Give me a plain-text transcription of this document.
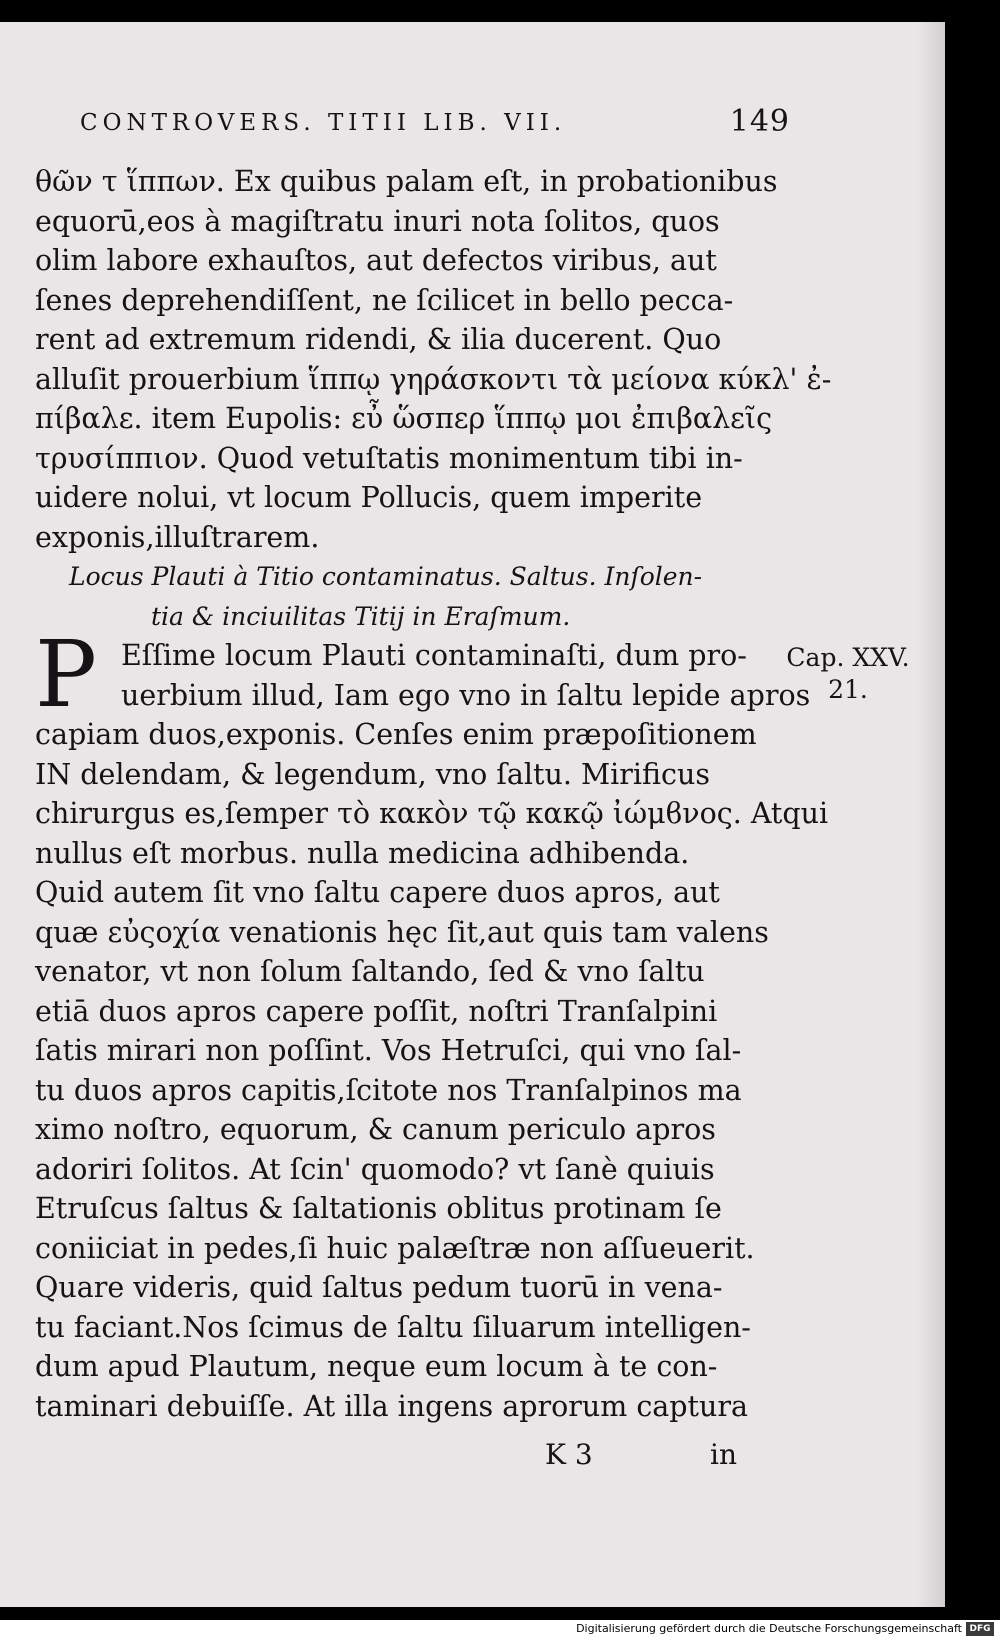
CONTROVERS. TITII LIB. VII.	149
θῶν τ ἵππων. Ex quibus palam eſt, in probationibus
equorū,eos à magiſtratu inuri nota ſolitos, quos
olim labore exhauſtos, aut defectos viribus, aut
ſenes deprehendiſſent, ne ſcilicet in bello pecca-
rent ad extremum ridendi, & ilia ducerent. Quo
alluſit prouerbium ἵππῳ γηράσκοντι τὰ μείονα κύκλ' ἐ-
πίβαλε. item Eupolis: εὖ ὥσπερ ἵππῳ μοι ἐπιβαλεῖς
τρυσίππιον. Quod vetuſtatis monimentum tibi in-
uidere nolui, vt locum Pollucis, quem imperite
exponis,illuſtrarem.
Locus Plauti à Titio contaminatus. Saltus. Inſolen-
tia & inciuilitas Titij in Eraſmum.
Eſſime locum Plauti contaminaſti, dum pro-
uerbium illud, Iam ego vno in ſaltu lepide apros
capiam duos,exponis. Cenſes enim præpoſitionem
IN delendam, & legendum, vno ſaltu. Mirificus
chirurgus es,ſemper τὸ κακὸν τῷ κακῷ ἰώμϐνος. Atqui
nullus eſt morbus. nulla medicina adhibenda.
Quid autem ſit vno ſaltu capere duos apros, aut
quæ εὐςοχία venationis hęc ſit,aut quis tam valens
venator, vt non ſolum ſaltando, ſed & vno ſaltu
etiā duos apros capere poſſit, noſtri Tranſalpini
ſatis mirari non poſſint. Vos Hetruſci, qui vno ſal-
tu duos apros capitis,ſcitote nos Tranſalpinos ma
ximo noſtro, equorum, & canum periculo apros
adoriri ſolitos. At ſcin' quomodo? vt ſanè quiuis
Etruſcus ſaltus & ſaltationis oblitus protinam ſe
coniiciat in pedes,ſi huic palæſtræ non aſſueuerit.
Quare videris, quid ſaltus pedum tuorū in vena-
tu faciant.Nos ſcimus de ſaltu ſiluarum intelligen-
dum apud Plautum, neque eum locum à te con-
taminari debuiſſe. At illa ingens aprorum captura
P	Cap. XXV.
21.
K 3	in
Digitalisierung gefördert durch die Deutsche Forschungsgemeinschaft DFG
